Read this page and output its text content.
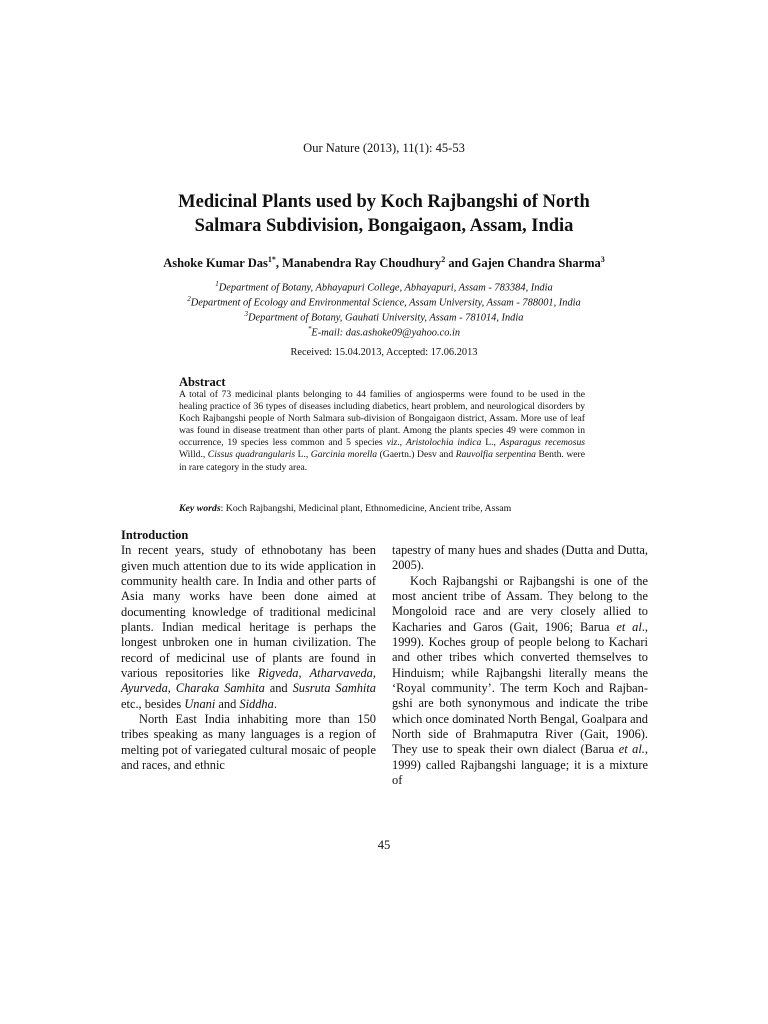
Our Nature (2013), 11(1): 45-53
Medicinal Plants used by Koch Rajbangshi of North
Salmara Subdivision, Bongaigaon, Assam, India
Ashoke Kumar Das$^{1*}$, Manabendra Ray Choudhury$^2$ and Gajen Chandra Sharma$^3$
$^1$Department of Botany, Abhayapuri College, Abhayapuri, Assam - 783384, India
$^2$Department of Ecology and Environmental Science, Assam University, Assam - 788001, India
$^3$Department of Botany, Gauhati University, Assam - 781014, India
*E-mail: das.ashoke09@yahoo.co.in
Received: 15.04.2013, Accepted: 17.06.2013
Abstract
A total of 73 medicinal plants belonging to 44 families of angiosperms were found to be used in the healing practice of 36 types of diseases including diabetics, heart problem, and neurological disorders by Koch Rajbangshi people of North Salmara sub-division of Bongaigaon district, Assam. More use of leaf was found in disease treatment than other parts of plant. Among the plants species 49 were common in occurrence, 19 species less common and 5 species viz., Aristolochia indica L., Asparagus recemosus Willd., Cissus quadrangularis L., Garcinia morella (Gaertn.) Desv and Rauvolfia serpentina Benth. were in rare category in the study area.
Key words: Koch Rajbangshi, Medicinal plant, Ethnomedicine, Ancient tribe, Assam
Introduction

In recent years, study of ethnobotany has been given much attention due to its wide application in community health care. In India and other parts of Asia many works have been done aimed at documenting knowledge of traditional medicinal plants. Indian medical heritage is perhaps the longest unbroken one in human civilization. The record of medicinal use of plants are found in various repositories like Rigveda, Atharvaveda, Ayurveda, Charaka Samhita and Susruta Samhita etc., besides Unani and Siddha.

North East India inhabiting more than 150 tribes speaking as many languages is a region of melting pot of variegated cultural mosaic of people and races, and ethnic

tapestry of many hues and shades (Dutta and Dutta, 2005).

Koch Rajbangshi or Rajbangshi is one of the most ancient tribe of Assam. They belong to the Mongoloid race and are very closely allied to Kacharies and Garos (Gait, 1906; Barua et al., 1999). Koches group of people belong to Kachari and other tribes which converted themselves to Hinduism; while Rajbangshi literally means the ‘Royal community’. The term Koch and Rajban-gshi are both synonymous and indicate the tribe which once dominated North Bengal, Goalpara and North side of Brahmaputra River (Gait, 1906). They use to speak their own dialect (Barua et al., 1999) called Rajbangshi language; it is a mixture of

45
